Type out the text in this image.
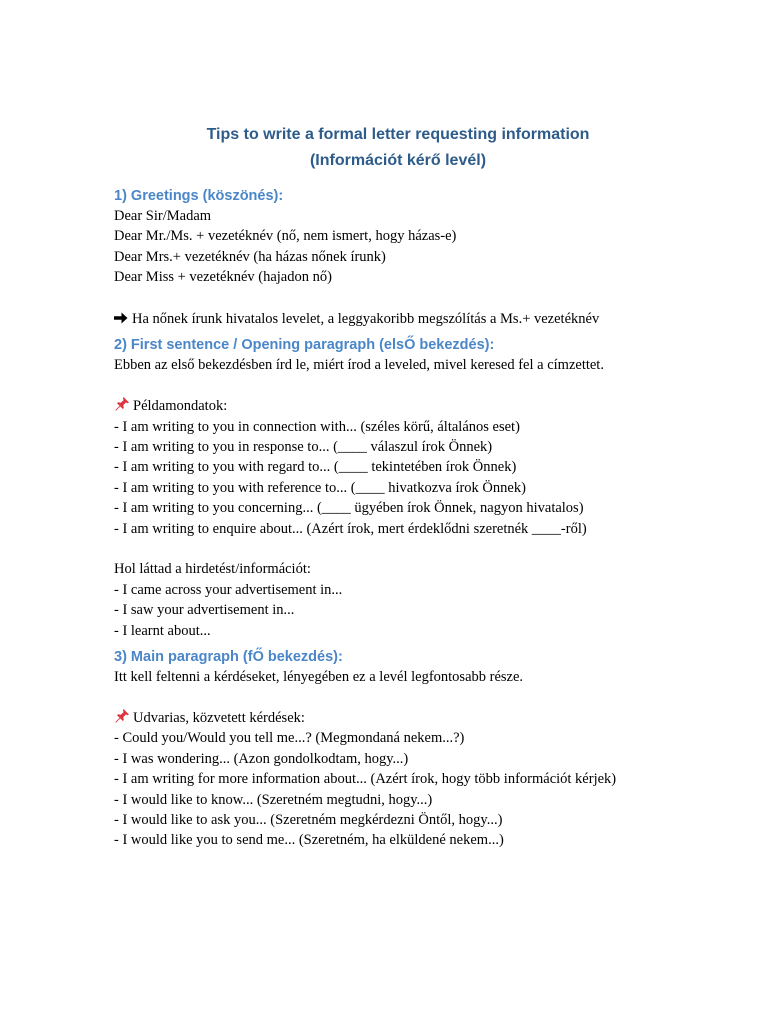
Tips to write a formal letter requesting information

(Információt kérő levél)

1) Greetings (köszönés):

Dear Sir/Madam

Dear Mr./Ms. + vezetéknév (nő, nem ismert, hogy házas-e)

Dear Mrs.+ vezetéknév (ha házas nőnek írunk)

Dear Miss + vezetéknév (hajadon nő)

Ha nőnek írunk hivatalos levelet, a leggyakoribb megszólítás a Ms.+ vezetéknév

2) First sentence / Opening paragraph (elsŐ bekezdés):

Ebben az első bekezdésben írd le, miért írod a leveled, mivel keresed fel a címzettet.

Példamondatok:

- I am writing to you in connection with... (széles körű, általános eset)

- I am writing to you in response to... (____ válaszul írok Önnek)

- I am writing to you with regard to... (____ tekintetében írok Önnek)

- I am writing to you with reference to... (____ hivatkozva írok Önnek)

- I am writing to you concerning... (____ ügyében írok Önnek, nagyon hivatalos)

- I am writing to enquire about... (Azért írok, mert érdeklődni szeretnék ____-ről)

Hol láttad a hirdetést/információt:

- I came across your advertisement in...

- I saw your advertisement in...

- I learnt about...

3) Main paragraph (fŐ bekezdés):

Itt kell feltenni a kérdéseket, lényegében ez a levél legfontosabb része.

Udvarias, közvetett kérdések:

- Could you/Would you tell me...? (Megmondaná nekem...?)

- I was wondering... (Azon gondolkodtam, hogy...)

- I am writing for more information about... (Azért írok, hogy több információt kérjek)

- I would like to know... (Szeretném megtudni, hogy...)

- I would like to ask you... (Szeretném megkérdezni Öntől, hogy...)

- I would like you to send me... (Szeretném, ha elküldené nekem...)
